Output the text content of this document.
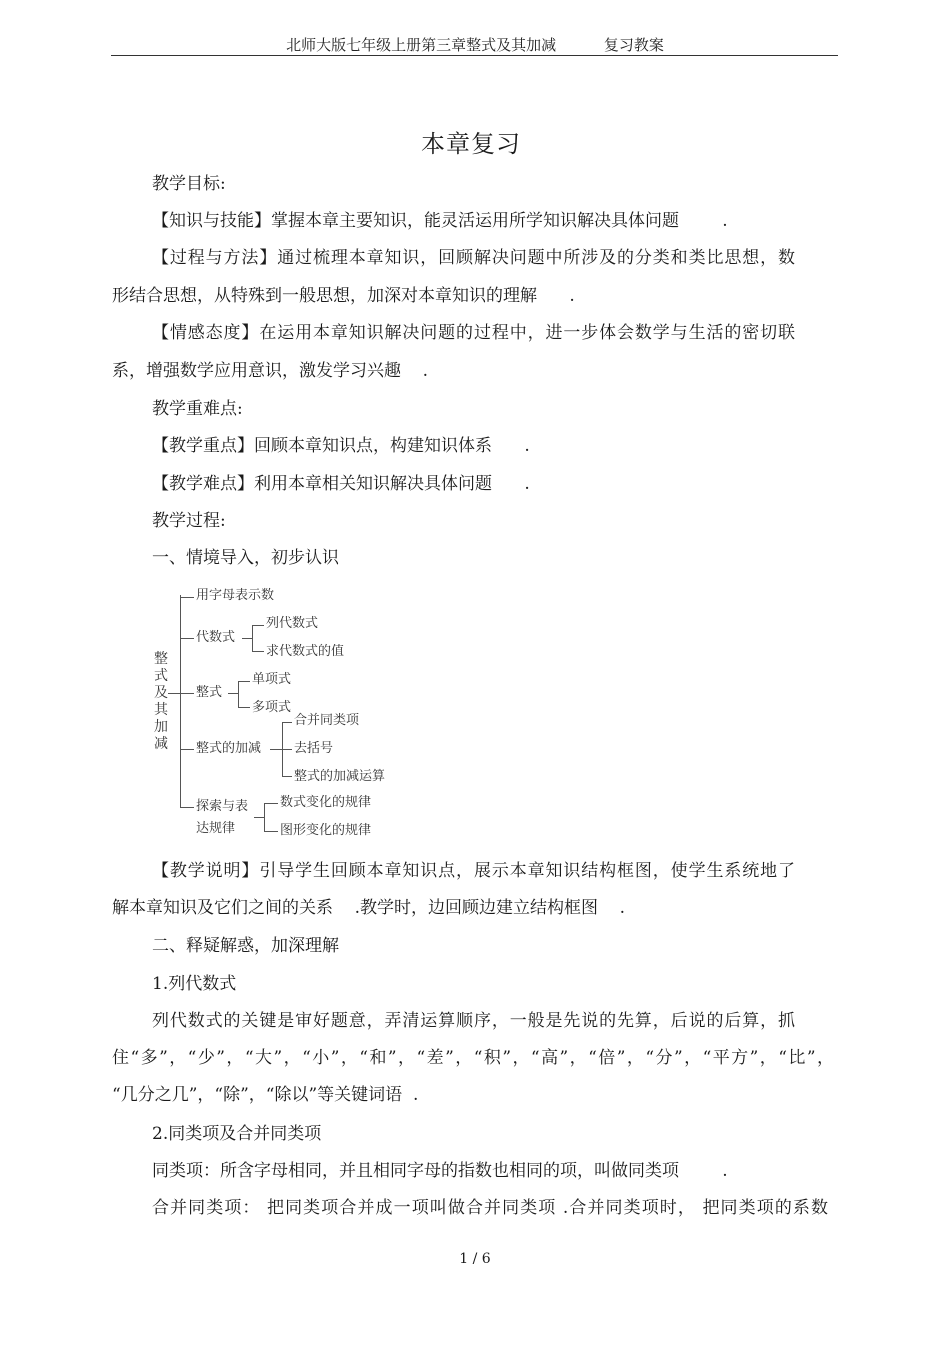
北师大版七年级上册第三章整式及其加减          复习教案
本章复习
教学目标:
【知识与技能】掌握本章主要知识，能灵活运用所学知识解决具体问题        .
【过程与方法】通过梳理本章知识，回顾解决问题中所涉及的分类和类比思想，数
形结合思想，从特殊到一般思想，加深对本章知识的理解      .
【情感态度】在运用本章知识解决问题的过程中，进一步体会数学与生活的密切联
系，增强数学应用意识，激发学习兴趣    .
教学重难点:
【教学重点】回顾本章知识点，构建知识体系      .
【教学难点】利用本章相关知识解决具体问题      .
教学过程:
一、情境导入，初步认识
整式及其加减
用字母表示数
代数式
列代数式
求代数式的值
整式
单项式
多项式
整式的加减
合并同类项
去括号
整式的加减运算
探索与表
达规律
数式变化的规律
图形变化的规律
【教学说明】引导学生回顾本章知识点，展示本章知识结构框图，使学生系统地了
解本章知识及它们之间的关系    .教学时，边回顾边建立结构框图    .
二、释疑解惑，加深理解
1.列代数式
列代数式的关键是审好题意，弄清运算顺序，一般是先说的先算，后说的后算，抓
住“多”，“少”，“大”，“小”，“和”，“差”，“积”，“高”，“倍”，“分”，“平方”，“比”，
“几分之几”，“除”，“除以”等关键词语  .
2.同类项及合并同类项
同类项：所含字母相同，并且相同字母的指数也相同的项，叫做同类项        .
合并同类项： 把同类项合并成一项叫做合并同类项 .合并同类项时， 把同类项的系数
1 / 6
